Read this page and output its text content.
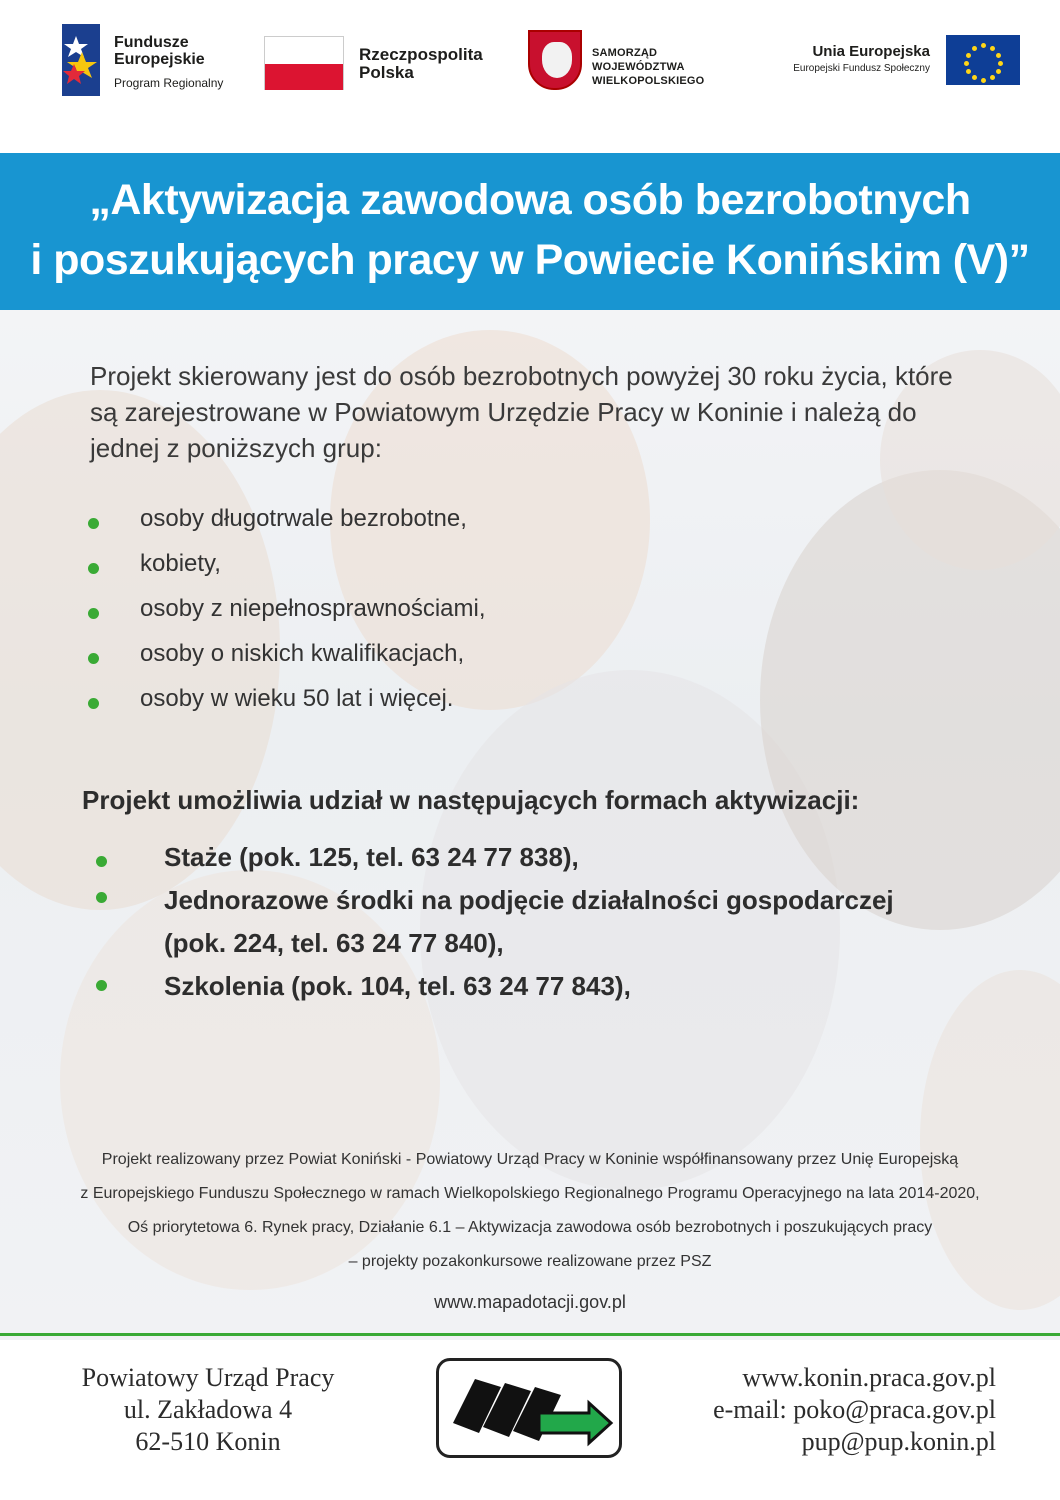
Fundusze
Europejskie
Program Regionalny
Rzeczpospolita
Polska
SAMORZĄD WOJEWÓDZTWA
WIELKOPOLSKIEGO
Unia Europejska
Europejski Fundusz Społeczny
„Aktywizacja zawodowa osób bezrobotnych
i poszukujących pracy w Powiecie Konińskim (V)”
Projekt skierowany jest do osób bezrobotnych powyżej 30 roku życia, które
są zarejestrowane w Powiatowym Urzędzie Pracy w Koninie i należą do
jednej z poniższych grup:
osoby długotrwale bezrobotne,
kobiety,
osoby z niepełnosprawnościami,
osoby o niskich kwalifikacjach,
osoby w wieku 50 lat i więcej.
Projekt umożliwia udział w następujących formach aktywizacji:
Staże (pok. 125, tel. 63 24 77 838),
Jednorazowe środki na podjęcie działalności gospodarczej
(pok. 224, tel. 63 24 77 840),
Szkolenia (pok. 104, tel. 63 24 77 843),
Projekt realizowany przez Powiat Koniński - Powiatowy Urząd Pracy w Koninie współfinansowany przez Unię Europejską
z Europejskiego Funduszu Społecznego w ramach Wielkopolskiego Regionalnego Programu Operacyjnego na lata 2014-2020,
Oś priorytetowa 6. Rynek pracy, Działanie 6.1 – Aktywizacja zawodowa osób bezrobotnych i poszukujących pracy
– projekty pozakonkursowe realizowane przez PSZ
www.mapadotacji.gov.pl
Powiatowy Urząd Pracy
ul. Zakładowa 4
62-510 Konin
www.konin.praca.gov.pl
e-mail: poko@praca.gov.pl
pup@pup.konin.pl
